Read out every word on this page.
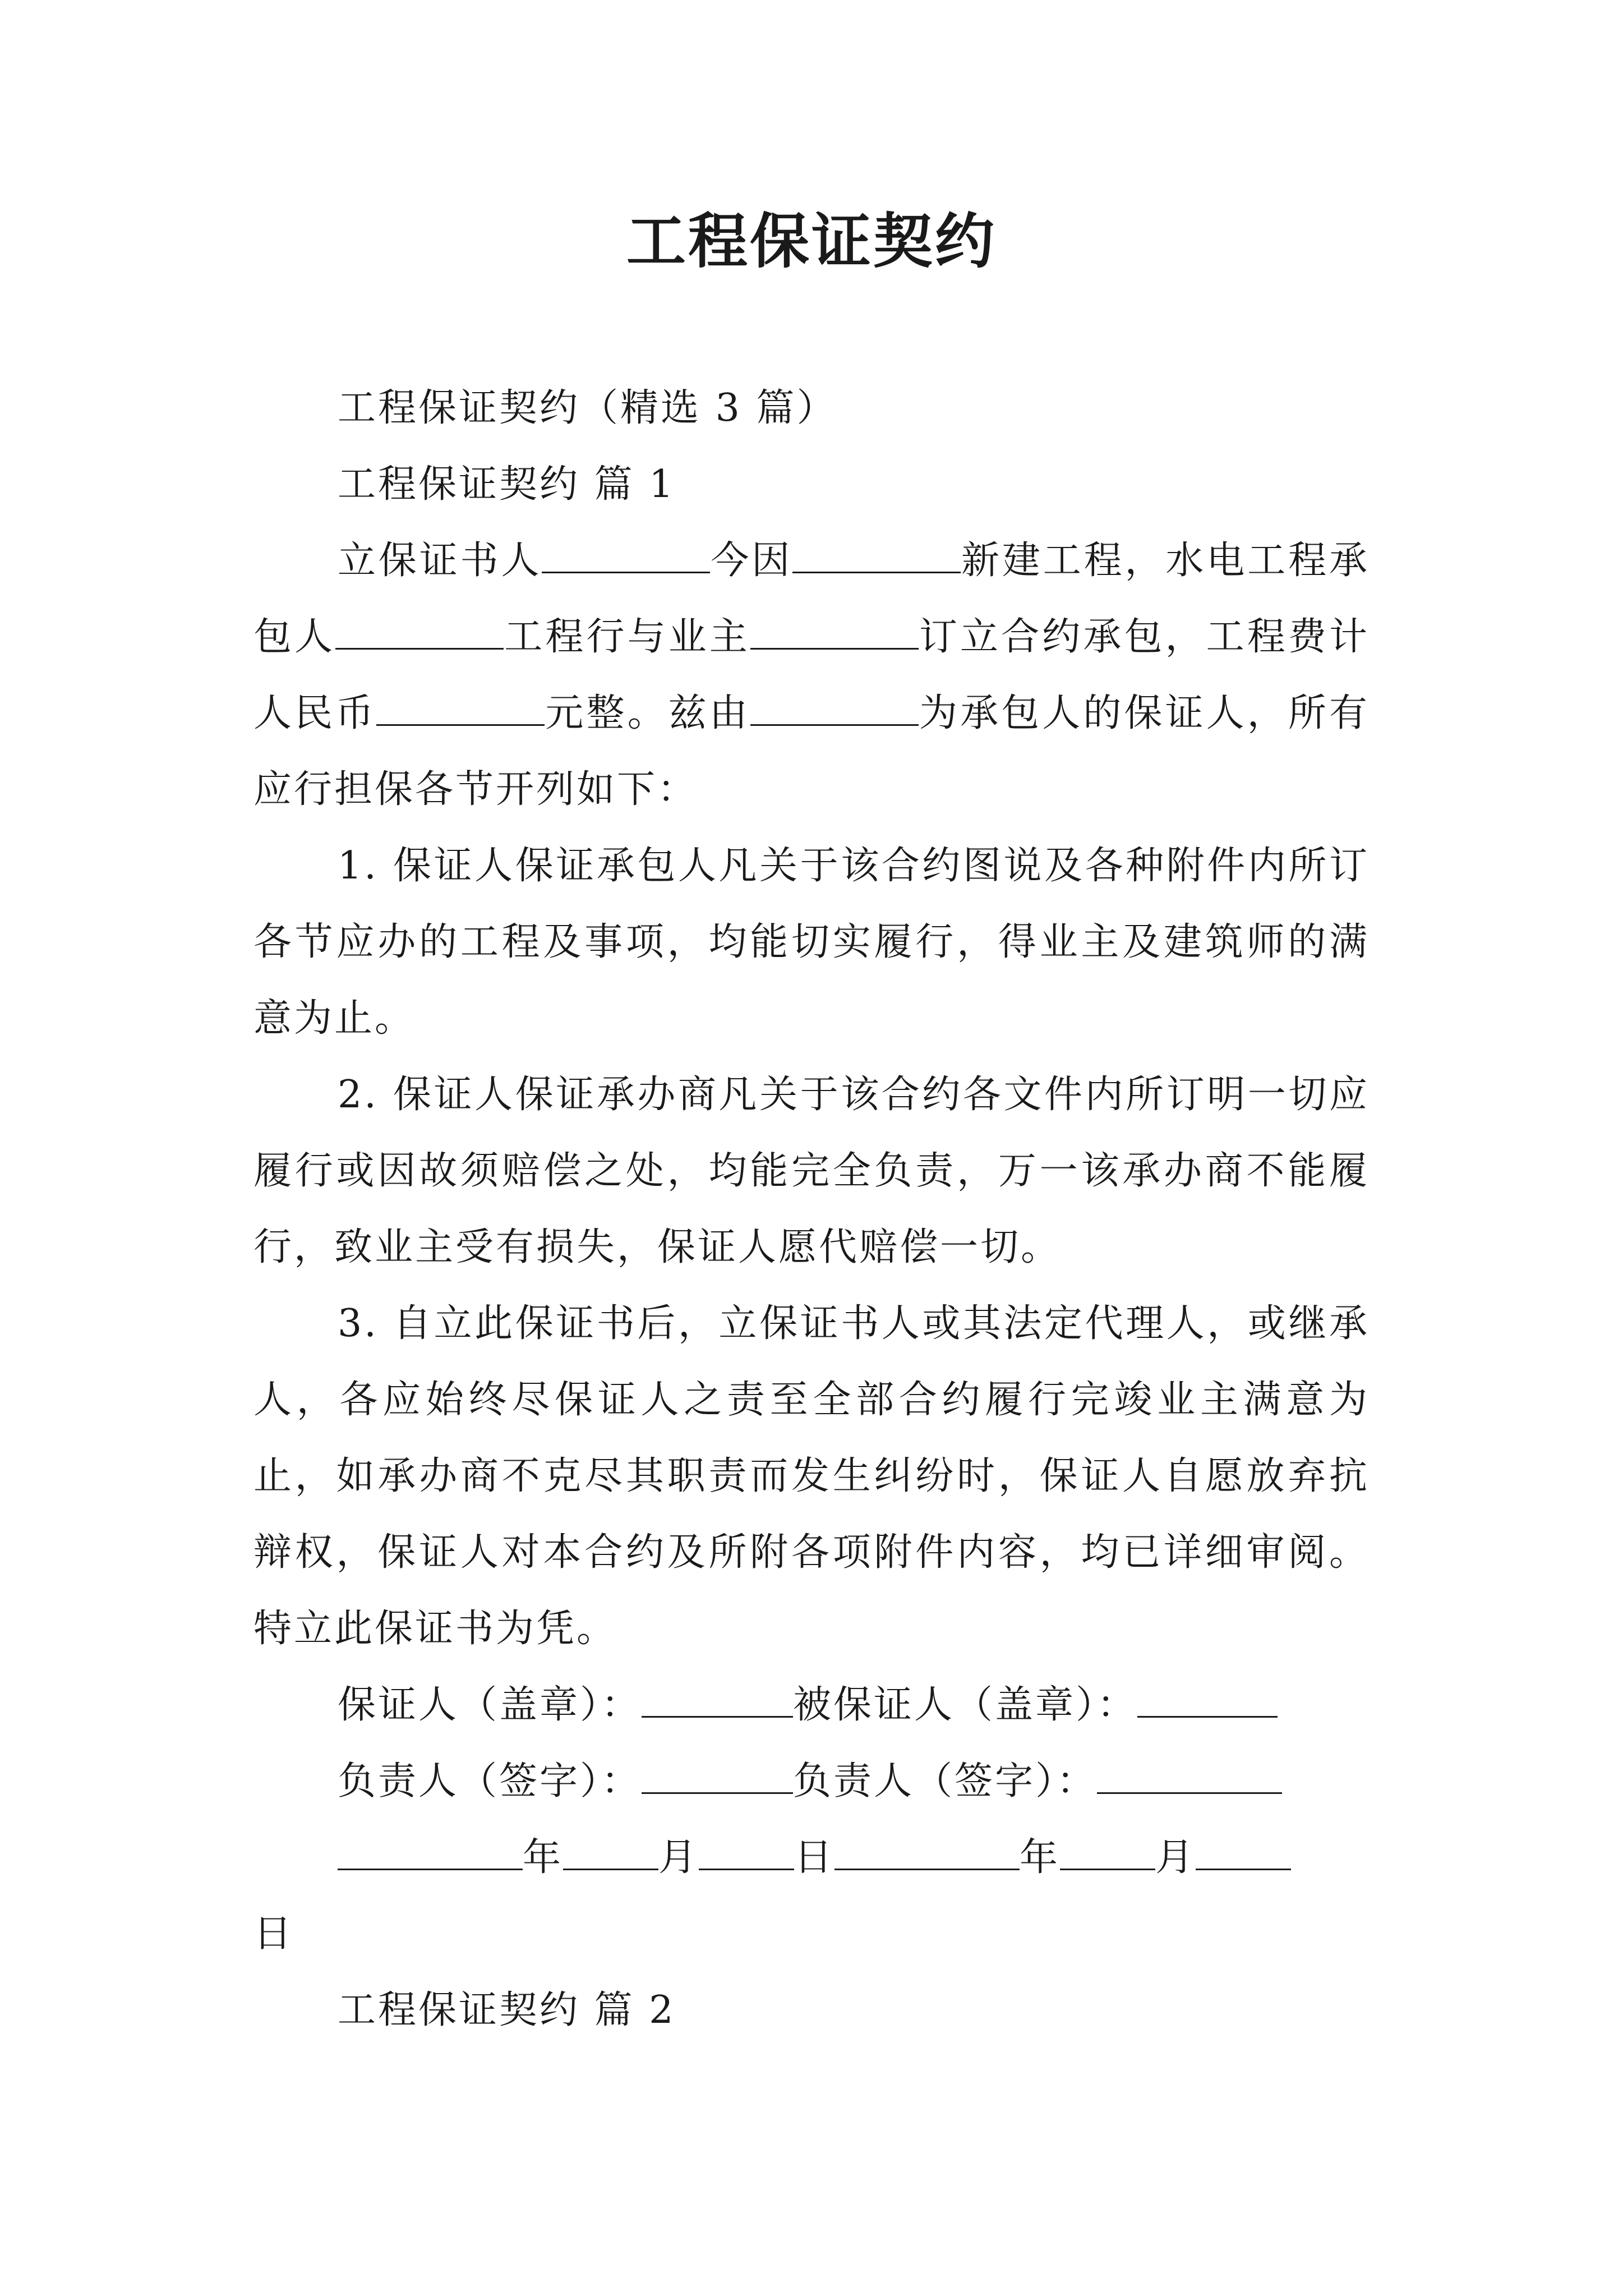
工程保证契约

工程保证契约（精选 3 篇）

工程保证契约 篇 1

立保证书人	今因	新建工程，水电工程承包人	工程行与业主	订立合约承包，工程费计人民币	元整。兹由	为承包人的保证人，所有应行担保各节开列如下：

1. 保证人保证承包人凡关于该合约图说及各种附件内所订各节应办的工程及事项，均能切实履行，得业主及建筑师的满意为止。

2. 保证人保证承办商凡关于该合约各文件内所订明一切应履行或因故须赔偿之处，均能完全负责，万一该承办商不能履行，致业主受有损失，保证人愿代赔偿一切。

3. 自立此保证书后，立保证书人或其法定代理人，或继承人，各应始终尽保证人之责至全部合约履行完竣业主满意为止，如承办商不克尽其职责而发生纠纷时，保证人自愿放弃抗辩权，保证人对本合约及所附各项附件内容，均已详细审阅。特立此保证书为凭。

保证人（盖章）：	被保证人（盖章）：

负责人（签字）：	负责人（签字）：

年	月	日	年	月

日

工程保证契约 篇 2
